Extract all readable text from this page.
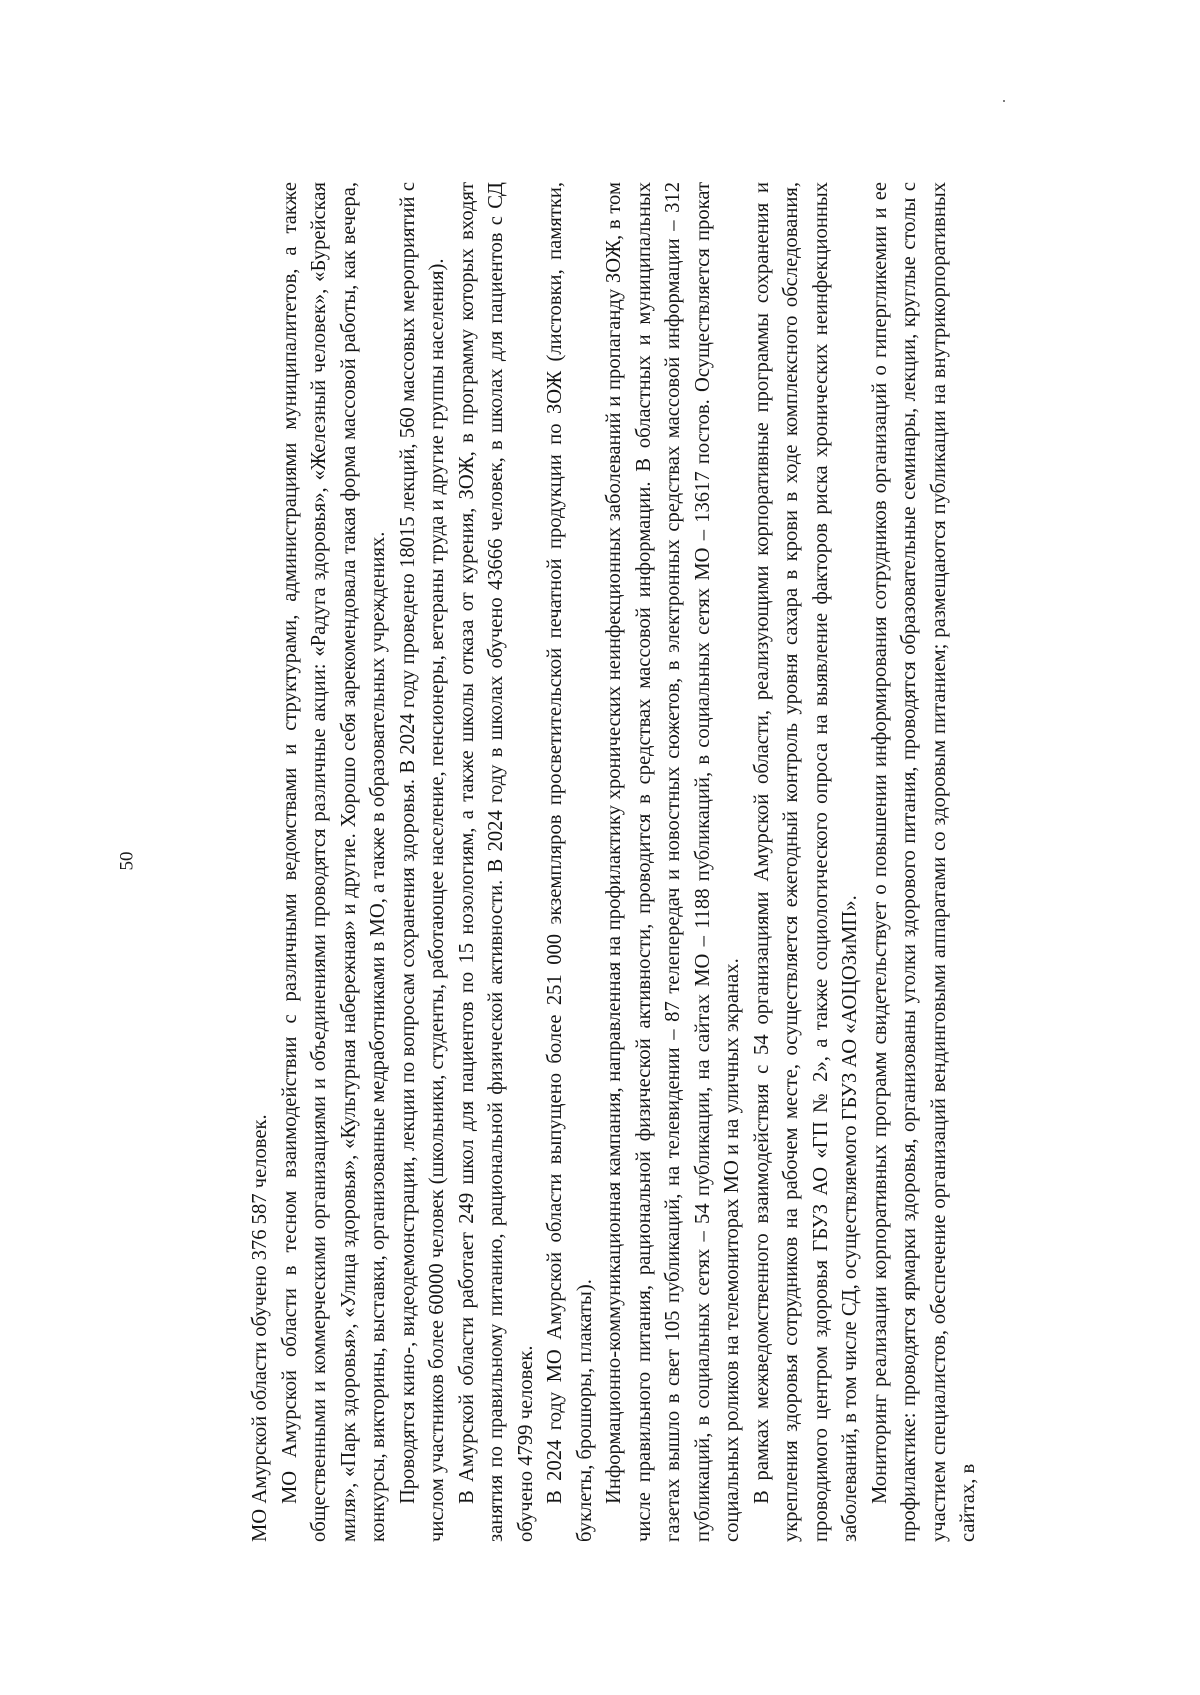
50

МО Амурской области обучено 376 587 человек. МО Амурской области в тесном взаимодействии с различными ведомствами и структурами, администрациями муниципалитетов, а также общественными и коммерческими организациями и объединениями проводятся различные акции: «Радуга здоровья», «Железный человек», «Бурейская миля», «Парк здоровья», «Улица здоровья», «Культурная набережная» и другие. Хорошо себя зарекомендовала такая форма массовой работы, как вечера, конкурсы, викторины, выставки, организованные медработниками в МО, а также в образовательных учреждениях. Проводятся кино-, видеодемонстрации, лекции по вопросам сохранения здоровья. В 2024 году проведено 18015 лекций, 560 массовых мероприятий с числом участников более 60000 человек (школьники, студенты, работающее население, пенсионеры, ветераны труда и другие группы населения). В Амурской области работает 249 школ для пациентов по 15 нозологиям, а также школы отказа от курения, ЗОЖ, в программу которых входят занятия по правильному питанию, рациональной физической активности. В 2024 году в школах обучено 43666 человек, в школах для пациентов с СД обучено 4799 человек. В 2024 году МО Амурской области выпущено более 251 000 экземпляров просветительской печатной продукции по ЗОЖ (листовки, памятки, буклеты, брошюры, плакаты). Информационно-коммуникационная кампания, направленная на профилактику хронических неинфекционных заболеваний и пропаганду ЗОЖ, в том числе правильного питания, рациональной физической активности, проводится в средствах массовой информации. В областных и муниципальных газетах вышло в свет 105 публикаций, на телевидении – 87 телепередач и новостных сюжетов, в электронных средствах массовой информации – 312 публикаций, в социальных сетях – 54 публикации, на сайтах МО – 1188 публикаций, в социальных сетях МО – 13617 постов. Осуществляется прокат социальных роликов на телемониторах МО и на уличных экранах. В рамках межведомственного взаимодействия с 54 организациями Амурской области, реализующими корпоративные программы сохранения и укрепления здоровья сотрудников на рабочем месте, осуществляется ежегодный контроль уровня сахара в крови в ходе комплексного обследования, проводимого центром здоровья ГБУЗ АО «ГП № 2», а также социологического опроса на выявление факторов риска хронических неинфекционных заболеваний, в том числе СД, осуществляемого ГБУЗ АО «АОЦОЗиМП». Мониторинг реализации корпоративных программ свидетельствует о повышении информирования сотрудников организаций о гипергликемии и ее профилактике: проводятся ярмарки здоровья, организованы уголки здорового питания, проводятся образовательные семинары, лекции, круглые столы с участием специалистов, обеспечение организаций вендинговыми аппаратами со здоровым питанием; размещаются публикации на внутрикорпоративных сайтах, в
